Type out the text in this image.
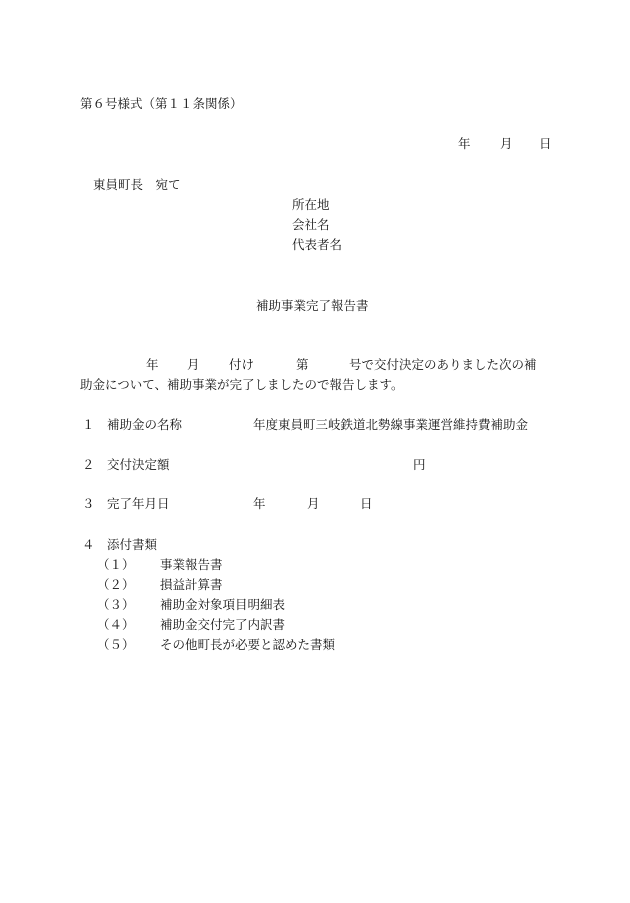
第６号様式（第１１条関係）
年 月 日
東員町長　宛て
所在地
会社名
代表者名
補助事業完了報告書
年 月 付け	第	号で交付決定のありました次の補
助金について、補助事業が完了しましたので報告します。
１ 補助金の名称	年度東員町三岐鉄道北勢線事業運営維持費補助金
２ 交付決定額	円
３ 完了年月日	年	月	日
４ 添付書類
（１） 事業報告書
（２） 損益計算書
（３） 補助金対象項目明細表
（４） 補助金交付完了内訳書
（５） その他町長が必要と認めた書類
